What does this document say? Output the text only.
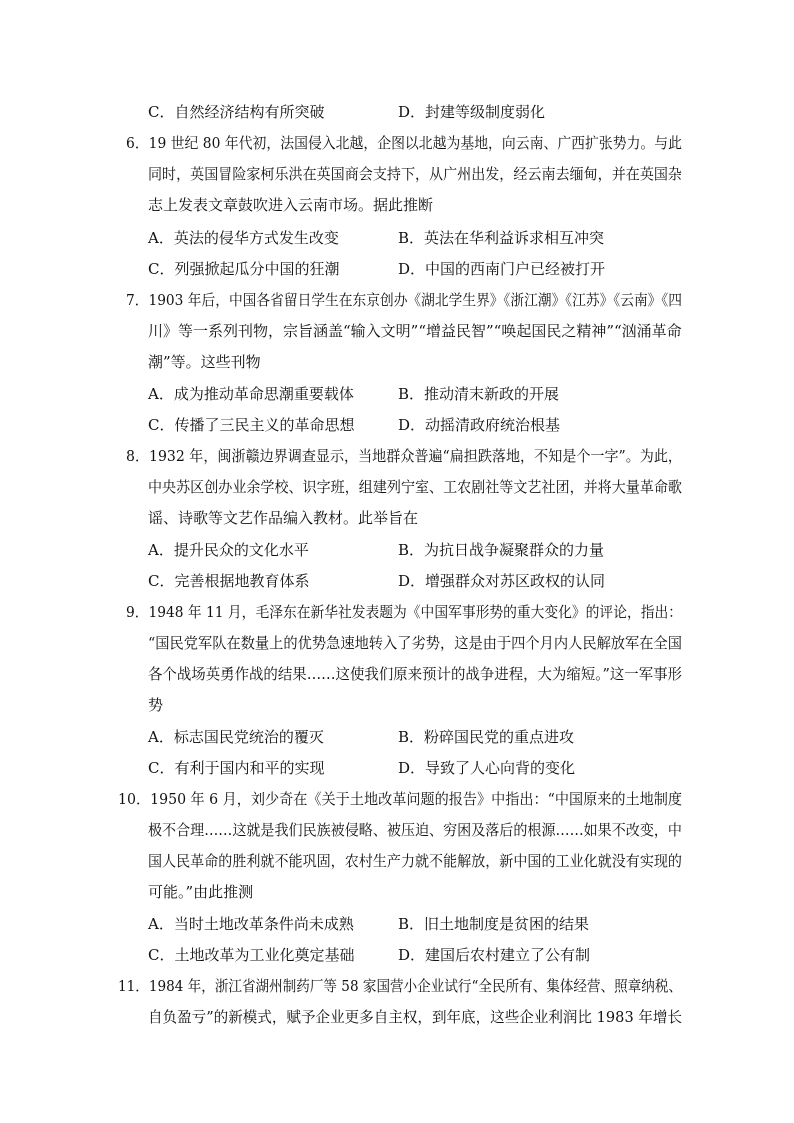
C．自然经济结构有所突破	D．封建等级制度弱化
6．19 世纪 80 年代初，法国侵入北越，企图以北越为基地，向云南、广西扩张势力。与此
同时，英国冒险家柯乐洪在英国商会支持下，从广州出发，经云南去缅甸，并在英国杂
志上发表文章鼓吹进入云南市场。据此推断
A．英法的侵华方式发生改变	B．英法在华利益诉求相互冲突
C．列强掀起瓜分中国的狂潮	D．中国的西南门户已经被打开
7．1903 年后，中国各省留日学生在东京创办《湖北学生界》《浙江潮》《江苏》《云南》《四
川》等一系列刊物，宗旨涵盖“输入文明”“增益民智”“唤起国民之精神”“汹涌革命
潮”等。这些刊物
A．成为推动革命思潮重要载体	B．推动清末新政的开展
C．传播了三民主义的革命思想	D．动摇清政府统治根基
8．1932 年，闽浙赣边界调查显示，当地群众普遍“扁担跌落地，不知是个一字”。为此，
中央苏区创办业余学校、识字班，组建列宁室、工农剧社等文艺社团，并将大量革命歌
谣、诗歌等文艺作品编入教材。此举旨在
A．提升民众的文化水平	B．为抗日战争凝聚群众的力量
C．完善根据地教育体系	D．增强群众对苏区政权的认同
9．1948 年 11 月，毛泽东在新华社发表题为《中国军事形势的重大变化》的评论，指出：
“国民党军队在数量上的优势急速地转入了劣势，这是由于四个月内人民解放军在全国
各个战场英勇作战的结果……这使我们原来预计的战争进程，大为缩短。”这一军事形
势
A．标志国民党统治的覆灭	B．粉碎国民党的重点进攻
C．有利于国内和平的实现	D．导致了人心向背的变化
10．1950 年 6 月，刘少奇在《关于土地改革问题的报告》中指出：“中国原来的土地制度
极不合理……这就是我们民族被侵略、被压迫、穷困及落后的根源……如果不改变，中
国人民革命的胜利就不能巩固，农村生产力就不能解放，新中国的工业化就没有实现的
可能。”由此推测
A．当时土地改革条件尚未成熟	B．旧土地制度是贫困的结果
C．土地改革为工业化奠定基础	D．建国后农村建立了公有制
11．1984 年，浙江省湖州制药厂等 58 家国营小企业试行“全民所有、集体经营、照章纳税、
自负盈亏”的新模式，赋予企业更多自主权，到年底，这些企业利润比 1983 年增长
